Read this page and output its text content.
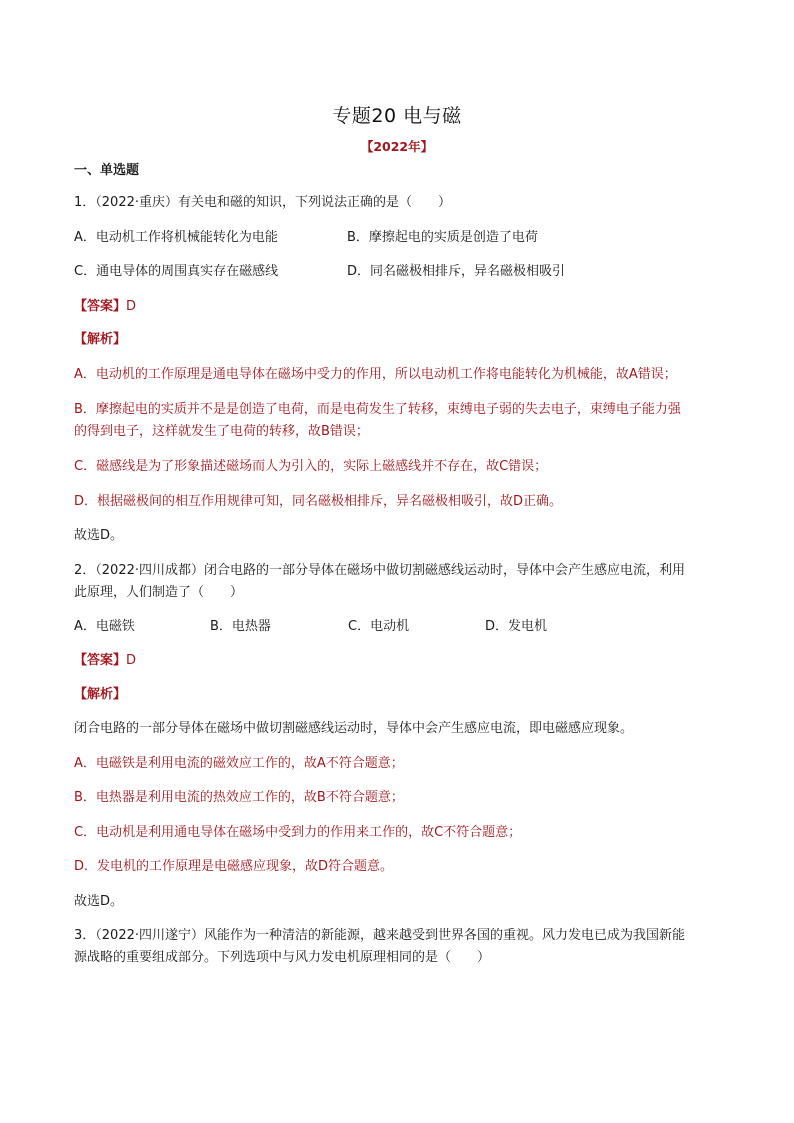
专题20 电与磁
【2022年】
一、单选题
1．（2022·重庆）有关电和磁的知识，下列说法正确的是（　　）
A．电动机工作将机械能转化为电能	B．摩擦起电的实质是创造了电荷
C．通电导体的周围真实存在磁感线	D．同名磁极相排斥，异名磁极相吸引
【答案】D
【解析】
A．电动机的工作原理是通电导体在磁场中受力的作用，所以电动机工作将电能转化为机械能，故A错误；
B．摩擦起电的实质并不是是创造了电荷，而是电荷发生了转移，束缚电子弱的失去电子，束缚电子能力强
的得到电子，这样就发生了电荷的转移，故B错误；
C．磁感线是为了形象描述磁场而人为引入的，实际上磁感线并不存在，故C错误；
D．根据磁极间的相互作用规律可知，同名磁极相排斥，异名磁极相吸引，故D正确。
故选D。
2．（2022·四川成都）闭合电路的一部分导体在磁场中做切割磁感线运动时，导体中会产生感应电流，利用
此原理，人们制造了（　　）
A．电磁铁	B．电热器	C．电动机	D．发电机
【答案】D
【解析】
闭合电路的一部分导体在磁场中做切割磁感线运动时，导体中会产生感应电流，即电磁感应现象。
A．电磁铁是利用电流的磁效应工作的，故A不符合题意；
B．电热器是利用电流的热效应工作的，故B不符合题意；
C．电动机是利用通电导体在磁场中受到力的作用来工作的，故C不符合题意；
D．发电机的工作原理是电磁感应现象，故D符合题意。
故选D。
3．（2022·四川遂宁）风能作为一种清洁的新能源，越来越受到世界各国的重视。风力发电已成为我国新能
源战略的重要组成部分。下列选项中与风力发电机原理相同的是（　　）
